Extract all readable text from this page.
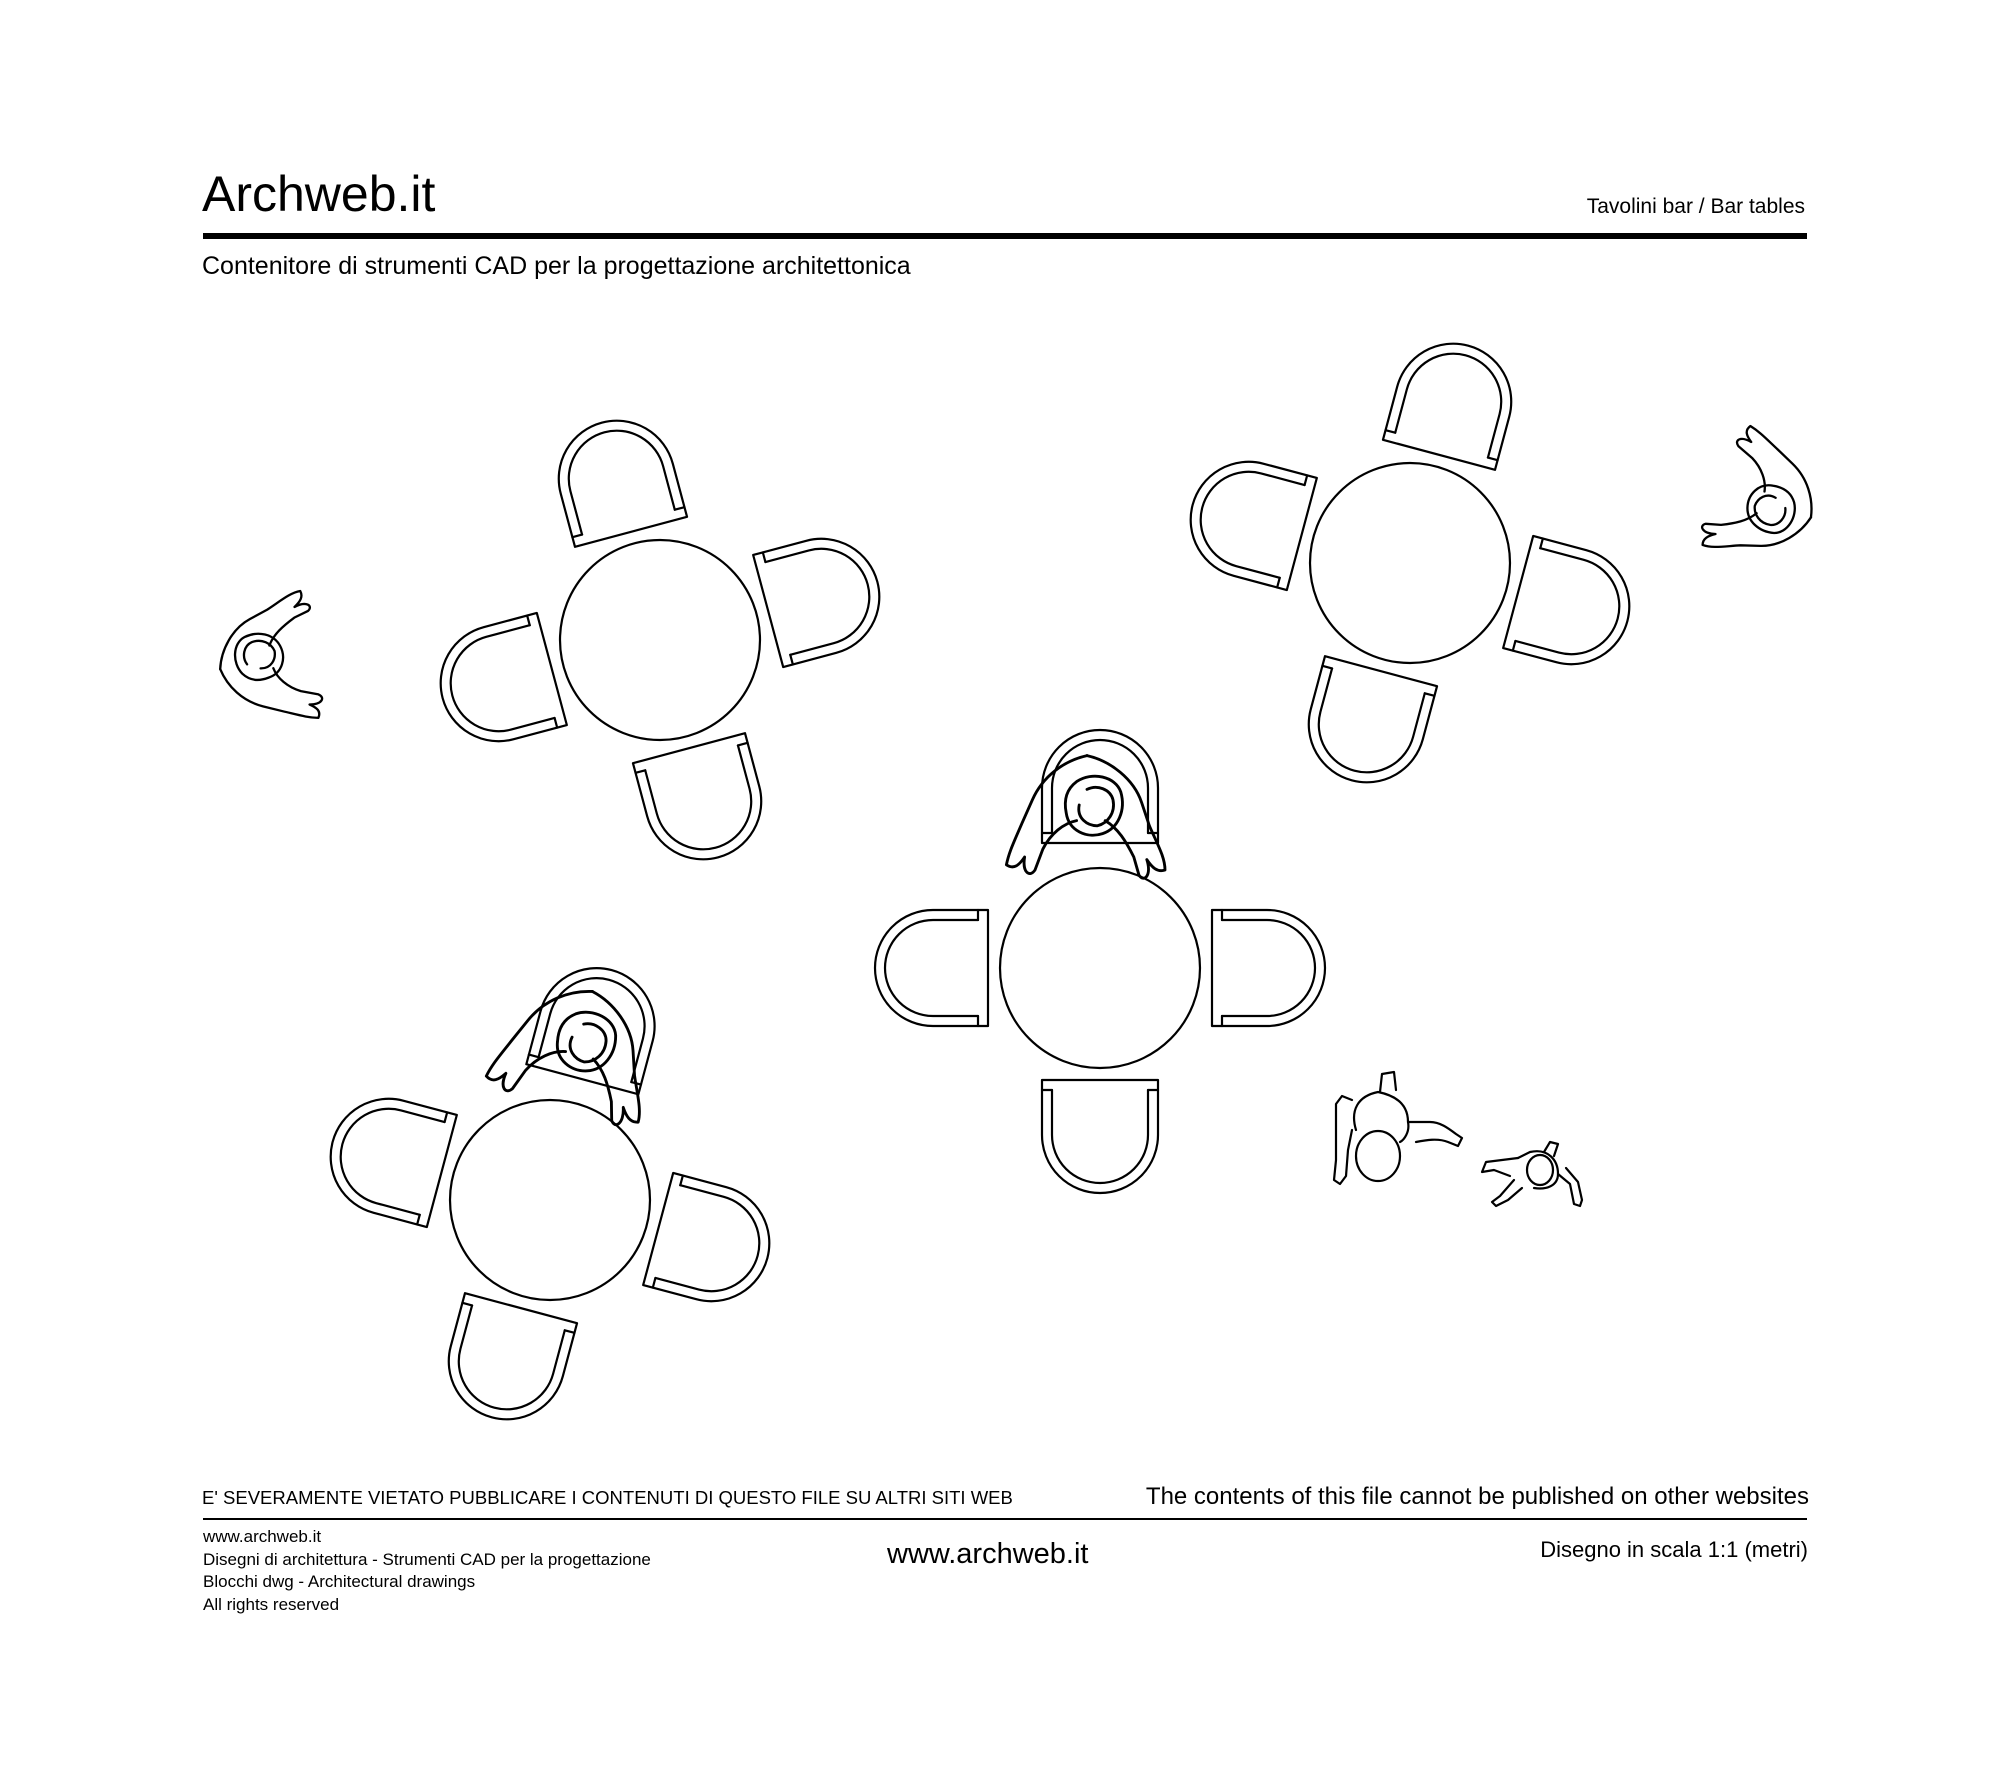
Archweb.it	Tavolini bar / Bar tables
Contenitore di strumenti CAD per la progettazione architettonica
E' SEVERAMENTE VIETATO PUBBLICARE I CONTENUTI DI QUESTO FILE SU ALTRI SITI WEB	The contents of this file cannot be published on other websites
www.archweb.it
Disegni di architettura - Strumenti CAD per la progettazione
Blocchi dwg - Architectural drawings
All rights reserved
www.archweb.it	Disegno in scala 1:1 (metri)
